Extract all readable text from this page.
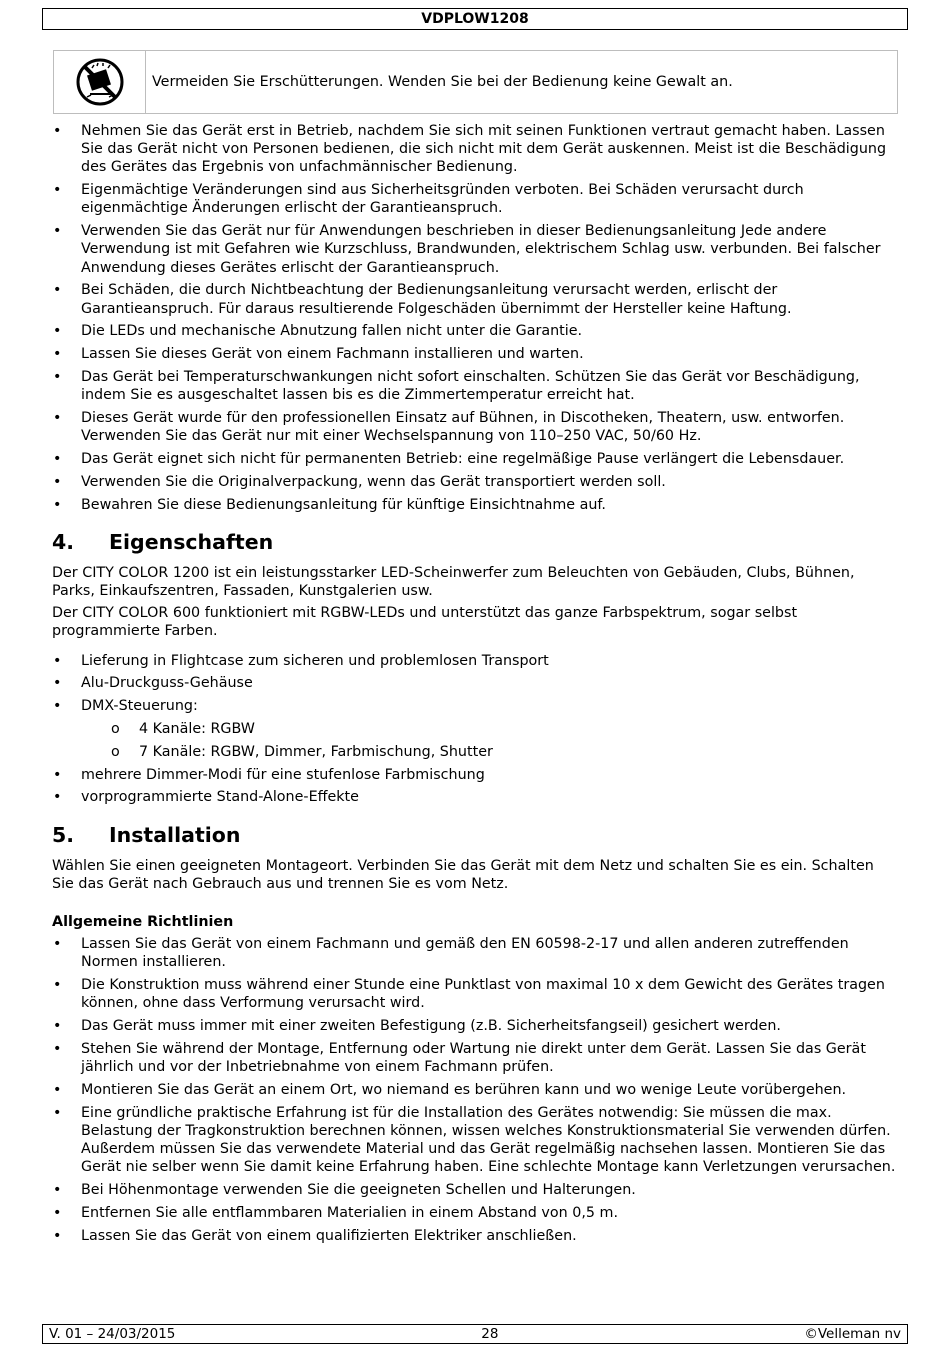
VDPLOW1208
Vermeiden Sie Erschütterungen. Wenden Sie bei der Bedienung keine Gewalt an.
• Nehmen Sie das Gerät erst in Betrieb, nachdem Sie sich mit seinen Funktionen vertraut gemacht haben. Lassen Sie das Gerät nicht von Personen bedienen, die sich nicht mit dem Gerät auskennen. Meist ist die Beschädigung des Gerätes das Ergebnis von unfachmännischer Bedienung.
• Eigenmächtige Veränderungen sind aus Sicherheitsgründen verboten. Bei Schäden verursacht durch eigenmächtige Änderungen erlischt der Garantieanspruch.
• Verwenden Sie das Gerät nur für Anwendungen beschrieben in dieser Bedienungsanleitung Jede andere Verwendung ist mit Gefahren wie Kurzschluss, Brandwunden, elektrischem Schlag usw. verbunden. Bei falscher Anwendung dieses Gerätes erlischt der Garantieanspruch.
• Bei Schäden, die durch Nichtbeachtung der Bedienungsanleitung verursacht werden, erlischt der Garantieanspruch. Für daraus resultierende Folgeschäden übernimmt der Hersteller keine Haftung.
• Die LEDs und mechanische Abnutzung fallen nicht unter die Garantie.
• Lassen Sie dieses Gerät von einem Fachmann installieren und warten.
• Das Gerät bei Temperaturschwankungen nicht sofort einschalten. Schützen Sie das Gerät vor Beschädigung, indem Sie es ausgeschaltet lassen bis es die Zimmertemperatur erreicht hat.
• Dieses Gerät wurde für den professionellen Einsatz auf Bühnen, in Discotheken, Theatern, usw. entworfen. Verwenden Sie das Gerät nur mit einer Wechselspannung von 110–250 VAC, 50/60 Hz.
• Das Gerät eignet sich nicht für permanenten Betrieb: eine regelmäßige Pause verlängert die Lebensdauer.
• Verwenden Sie die Originalverpackung, wenn das Gerät transportiert werden soll.
• Bewahren Sie diese Bedienungsanleitung für künftige Einsichtnahme auf.
4. Eigenschaften

Der CITY COLOR 1200 ist ein leistungsstarker LED-Scheinwerfer zum Beleuchten von Gebäuden, Clubs, Bühnen, Parks, Einkaufszentren, Fassaden, Kunstgalerien usw.

Der CITY COLOR 600 funktioniert mit RGBW-LEDs und unterstützt das ganze Farbspektrum, sogar selbst programmierte Farben.

• Lieferung in Flightcase zum sicheren und problemlosen Transport
• Alu-Druckguss-Gehäuse
• DMX-Steuerung:
o 4 Kanäle: RGBW
o 7 Kanäle: RGBW, Dimmer, Farbmischung, Shutter
• mehrere Dimmer-Modi für eine stufenlose Farbmischung
• vorprogrammierte Stand-Alone-Effekte
5. Installation

Wählen Sie einen geeigneten Montageort. Verbinden Sie das Gerät mit dem Netz und schalten Sie es ein. Schalten Sie das Gerät nach Gebrauch aus und trennen Sie es vom Netz.

Allgemeine Richtlinien
• Lassen Sie das Gerät von einem Fachmann und gemäß den EN 60598-2-17 und allen anderen zutreffenden Normen installieren.
• Die Konstruktion muss während einer Stunde eine Punktlast von maximal 10 x dem Gewicht des Gerätes tragen können, ohne dass Verformung verursacht wird.
• Das Gerät muss immer mit einer zweiten Befestigung (z.B. Sicherheitsfangseil) gesichert werden.
• Stehen Sie während der Montage, Entfernung oder Wartung nie direkt unter dem Gerät. Lassen Sie das Gerät jährlich und vor der Inbetriebnahme von einem Fachmann prüfen.
• Montieren Sie das Gerät an einem Ort, wo niemand es berühren kann und wo wenige Leute vorübergehen.
• Eine gründliche praktische Erfahrung ist für die Installation des Gerätes notwendig: Sie müssen die max. Belastung der Tragkonstruktion berechnen können, wissen welches Konstruktionsmaterial Sie verwenden dürfen. Außerdem müssen Sie das verwendete Material und das Gerät regelmäßig nachsehen lassen. Montieren Sie das Gerät nie selber wenn Sie damit keine Erfahrung haben. Eine schlechte Montage kann Verletzungen verursachen.
• Bei Höhenmontage verwenden Sie die geeigneten Schellen und Halterungen.
• Entfernen Sie alle entflammbaren Materialien in einem Abstand von 0,5 m.
• Lassen Sie das Gerät von einem qualifizierten Elektriker anschließen.
V. 01 – 24/03/2015	28	©Velleman nv
